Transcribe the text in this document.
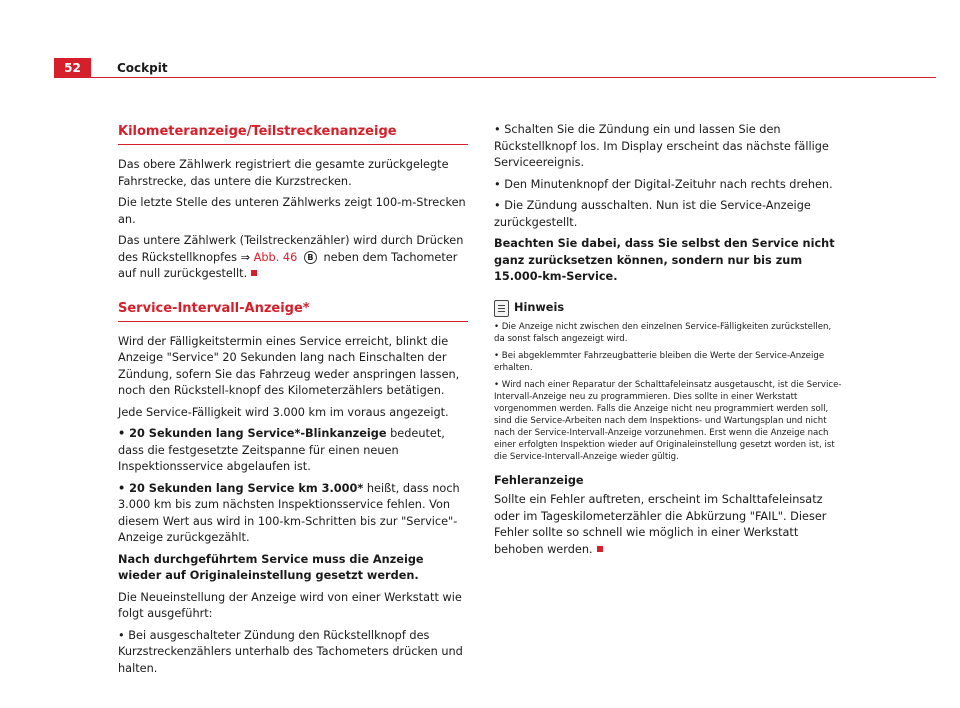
52	Cockpit
Kilometeranzeige/Teilstreckenanzeige

Das obere Zählwerk registriert die gesamte zurückgelegte Fahrstrecke, das untere die Kurzstrecken.

Die letzte Stelle des unteren Zählwerks zeigt 100-m-Strecken an.

Das untere Zählwerk (Teilstreckenzähler) wird durch Drücken des Rückstellknopfes ⇒ Abb. 46 B neben dem Tachometer auf null zurückgestellt.

Service-Intervall-Anzeige*

Wird der Fälligkeitstermin eines Service erreicht, blinkt die Anzeige "Service" 20 Sekunden lang nach Einschalten der Zündung, sofern Sie das Fahrzeug weder anspringen lassen, noch den Rückstell-knopf des Kilometerzählers betätigen.

Jede Service-Fälligkeit wird 3.000 km im voraus angezeigt.

• 20 Sekunden lang Service*-Blinkanzeige bedeutet, dass die festgesetzte Zeitspanne für einen neuen Inspektionsservice abgelaufen ist.

• 20 Sekunden lang Service km 3.000* heißt, dass noch 3.000 km bis zum nächsten Inspektionsservice fehlen. Von diesem Wert aus wird in 100-km-Schritten bis zur "Service"-Anzeige zurückgezählt.

Nach durchgeführtem Service muss die Anzeige wieder auf Originaleinstellung gesetzt werden.

Die Neueinstellung der Anzeige wird von einer Werkstatt wie folgt ausgeführt:

• Bei ausgeschalteter Zündung den Rückstellknopf des Kurzstreckenzählers unterhalb des Tachometers drücken und halten.

• Schalten Sie die Zündung ein und lassen Sie den Rückstellknopf los. Im Display erscheint das nächste fällige Serviceereignis.

• Den Minutenknopf der Digital-Zeituhr nach rechts drehen.

• Die Zündung ausschalten. Nun ist die Service-Anzeige zurückgestellt.

Beachten Sie dabei, dass Sie selbst den Service nicht ganz zurücksetzen können, sondern nur bis zum 15.000-km-Service.

Hinweis

• Die Anzeige nicht zwischen den einzelnen Service-Fälligkeiten zurückstellen, da sonst falsch angezeigt wird.

• Bei abgeklemmter Fahrzeugbatterie bleiben die Werte der Service-Anzeige erhalten.

• Wird nach einer Reparatur der Schalttafeleinsatz ausgetauscht, ist die Service-Intervall-Anzeige neu zu programmieren. Dies sollte in einer Werkstatt vorgenommen werden. Falls die Anzeige nicht neu programmiert werden soll, sind die Service-Arbeiten nach dem Inspektions- und Wartungsplan und nicht nach der Service-Intervall-Anzeige vorzunehmen. Erst wenn die Anzeige nach einer erfolgten Inspektion wieder auf Originaleinstellung gesetzt worden ist, ist die Service-Intervall-Anzeige wieder gültig.

Fehleranzeige

Sollte ein Fehler auftreten, erscheint im Schalttafeleinsatz oder im Tageskilometerzähler die Abkürzung "FAIL". Dieser Fehler sollte so schnell wie möglich in einer Werkstatt behoben werden.
